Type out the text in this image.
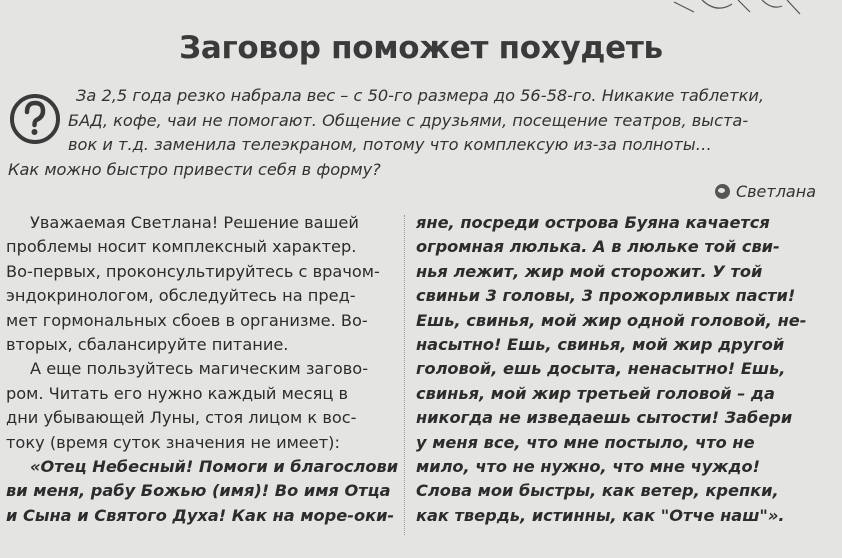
Заговор поможет похудеть
За 2,5 года резко набрала вес – с 50-го размера до 56-58-го. Никакие таблетки,
БАД, кофе, чаи не помогают. Общение с друзьями, посещение театров, выста-
вок и т.д. заменила телеэкраном, потому что комплексую из-за полноты…
Как можно быстро привести себя в форму?
Светлана
Уважаемая Светлана! Решение вашей
проблемы носит комплексный характер.
Во-первых, проконсультируйтесь с врачом-
эндокринологом, обследуйтесь на пред-
мет гормональных сбоев в организме. Во-
вторых, сбалансируйте питание.
А еще пользуйтесь магическим загово-
ром. Читать его нужно каждый месяц в
дни убывающей Луны, стоя лицом к вос-
току (время суток значения не имеет):
«Отец Небесный! Помоги и благослови
ви меня, рабу Божью (имя)! Во имя Отца
и Сына и Святого Духа! Как на море-оки-
яне, посреди острова Буяна качается
огромная люлька. А в люльке той сви-
нья лежит, жир мой сторожит. У той
свиньи 3 головы, 3 прожорливых пасти!
Ешь, свинья, мой жир одной головой, не-
насытно! Ешь, свинья, мой жир другой
головой, ешь досыта, ненасытно! Ешь,
свинья, мой жир третьей головой – да
никогда не изведаешь сытости! Забери
у меня все, что мне постыло, что не
мило, что не нужно, что мне чуждо!
Слова мои быстры, как ветер, крепки,
как твердь, истинны, как "Отче наш"».
